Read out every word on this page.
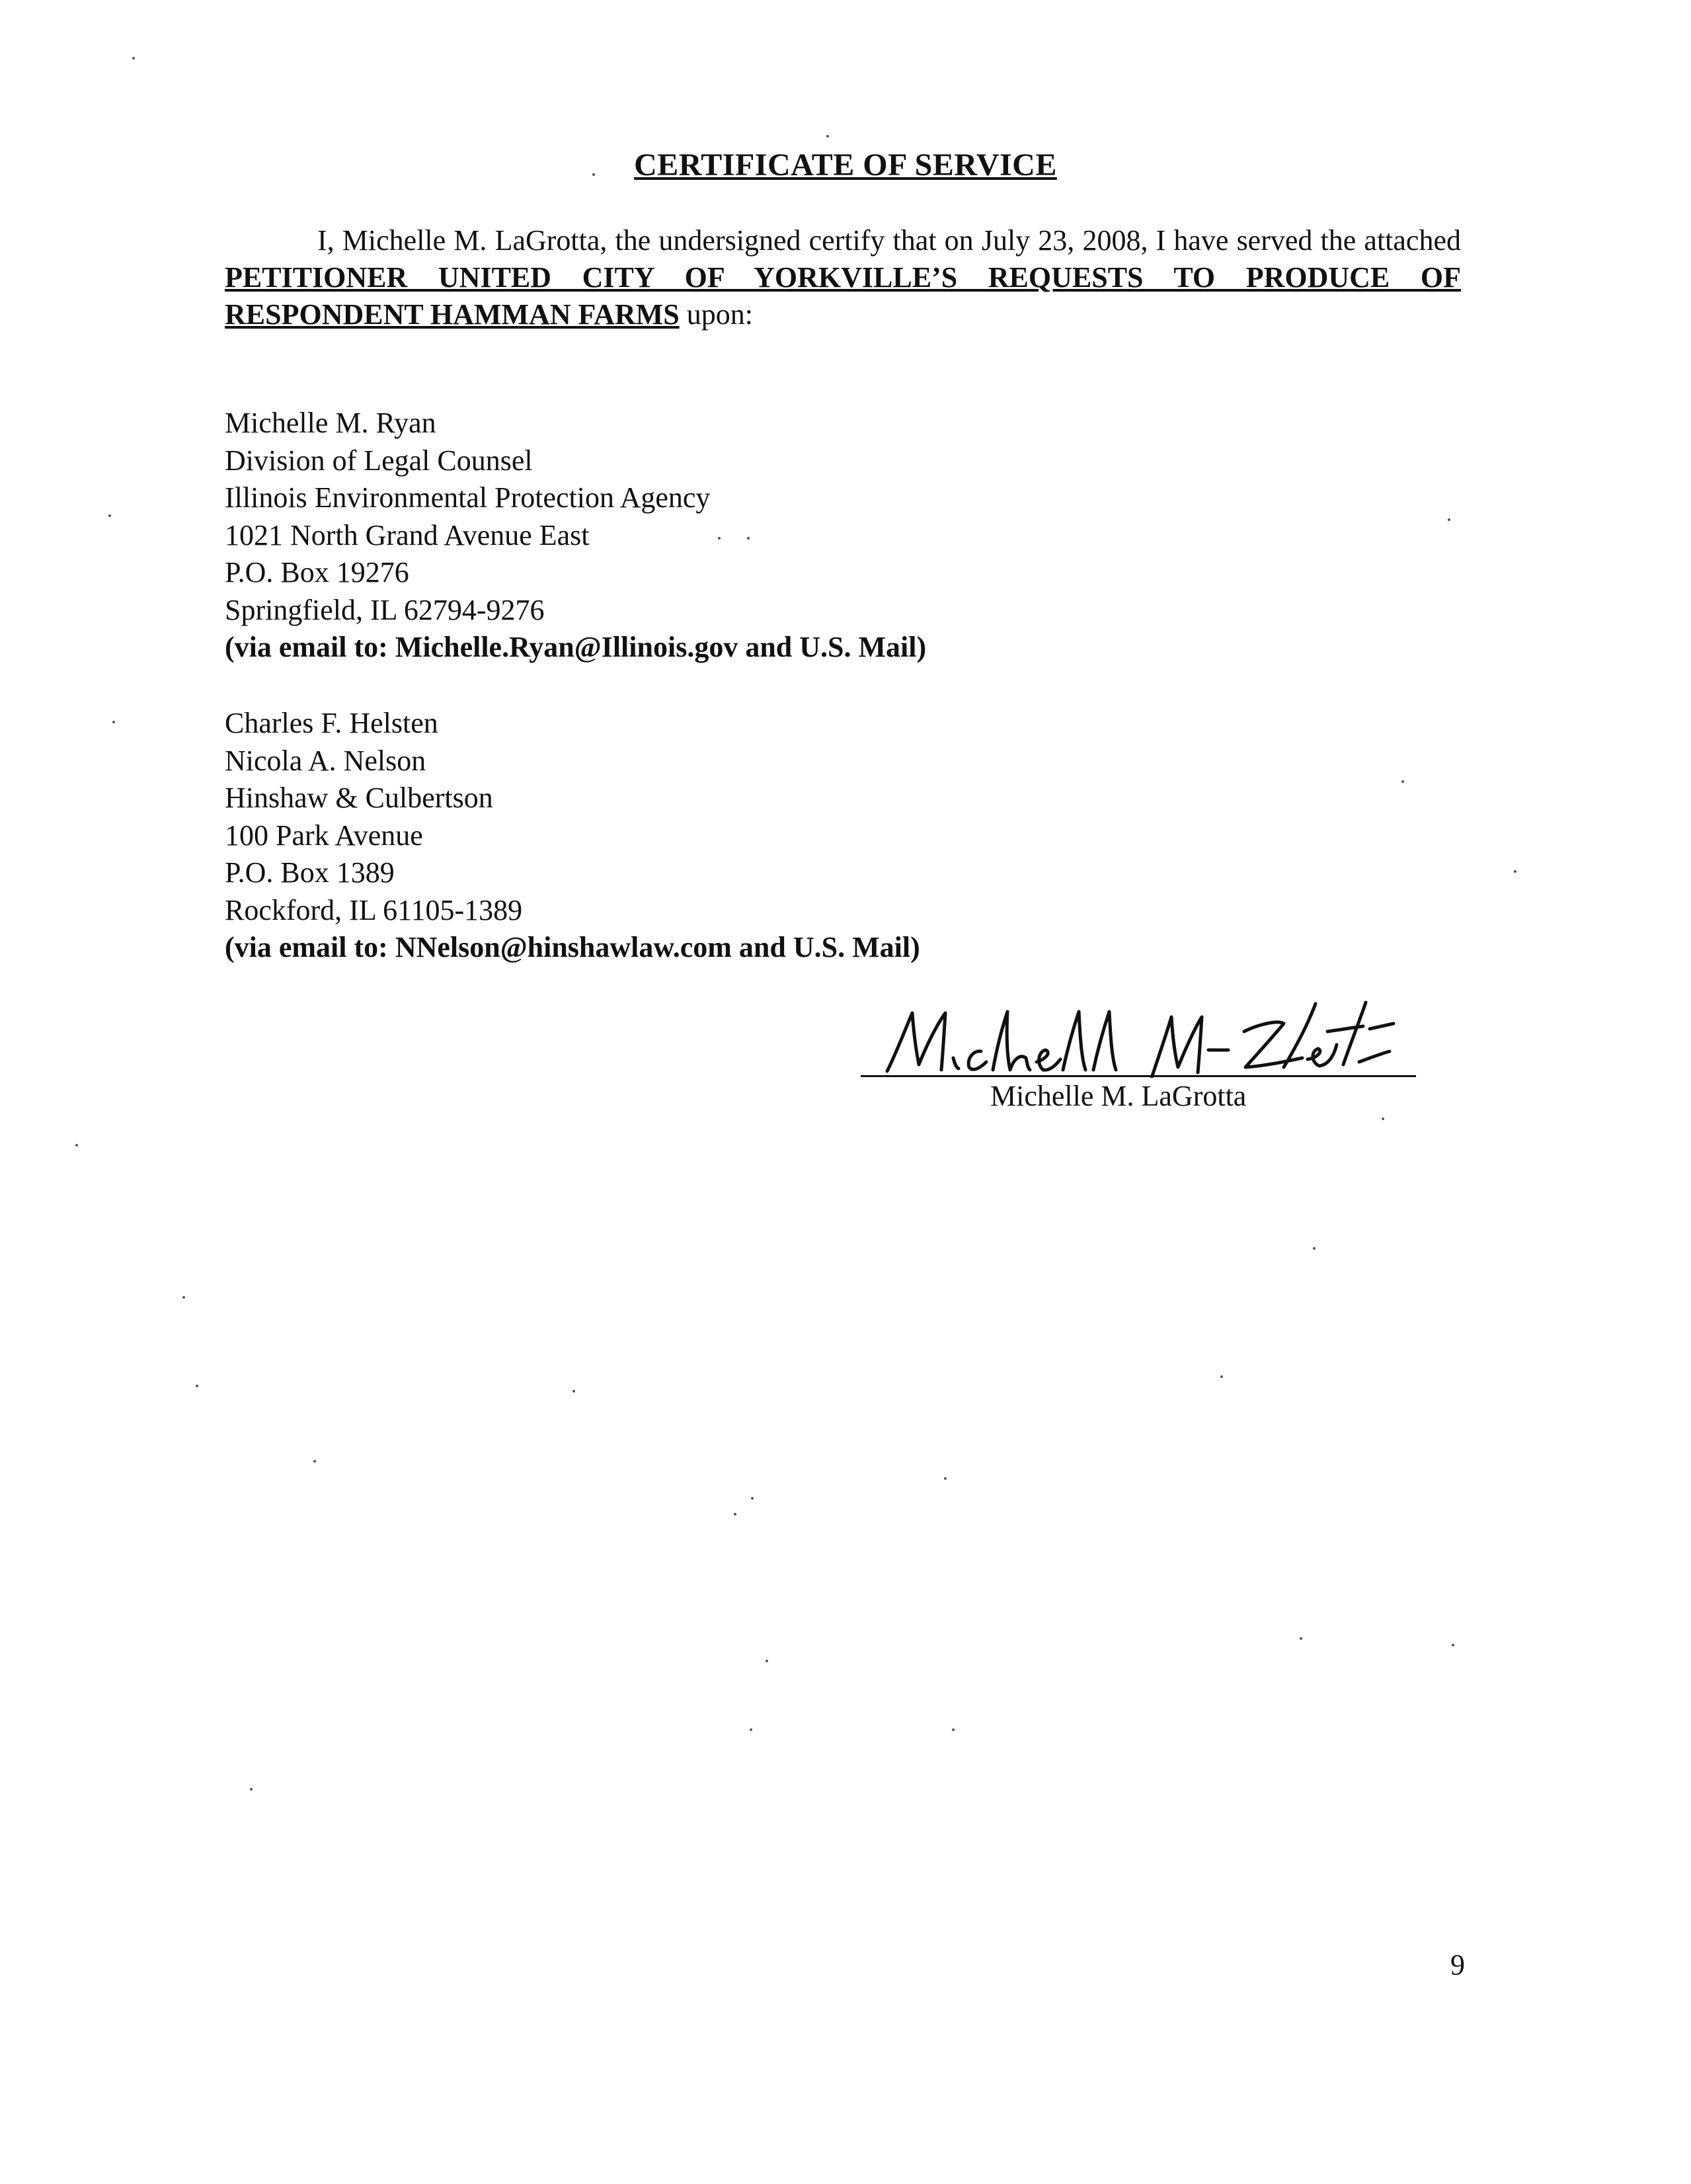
CERTIFICATE OF SERVICE
I, Michelle M. LaGrotta, the undersigned certify that on July 23, 2008, I have served the attached PETITIONER UNITED CITY OF YORKVILLE’S REQUESTS TO PRODUCE OF RESPONDENT HAMMAN FARMS upon:
Michelle M. Ryan
Division of Legal Counsel
Illinois Environmental Protection Agency
1021 North Grand Avenue East
P.O. Box 19276
Springfield, IL 62794-9276
(via email to: Michelle.Ryan@Illinois.gov and U.S. Mail)
Charles F. Helsten
Nicola A. Nelson
Hinshaw & Culbertson
100 Park Avenue
P.O. Box 1389
Rockford, IL 61105-1389
(via email to: NNelson@hinshawlaw.com and U.S. Mail)
Michelle M. LaGrotta
9
